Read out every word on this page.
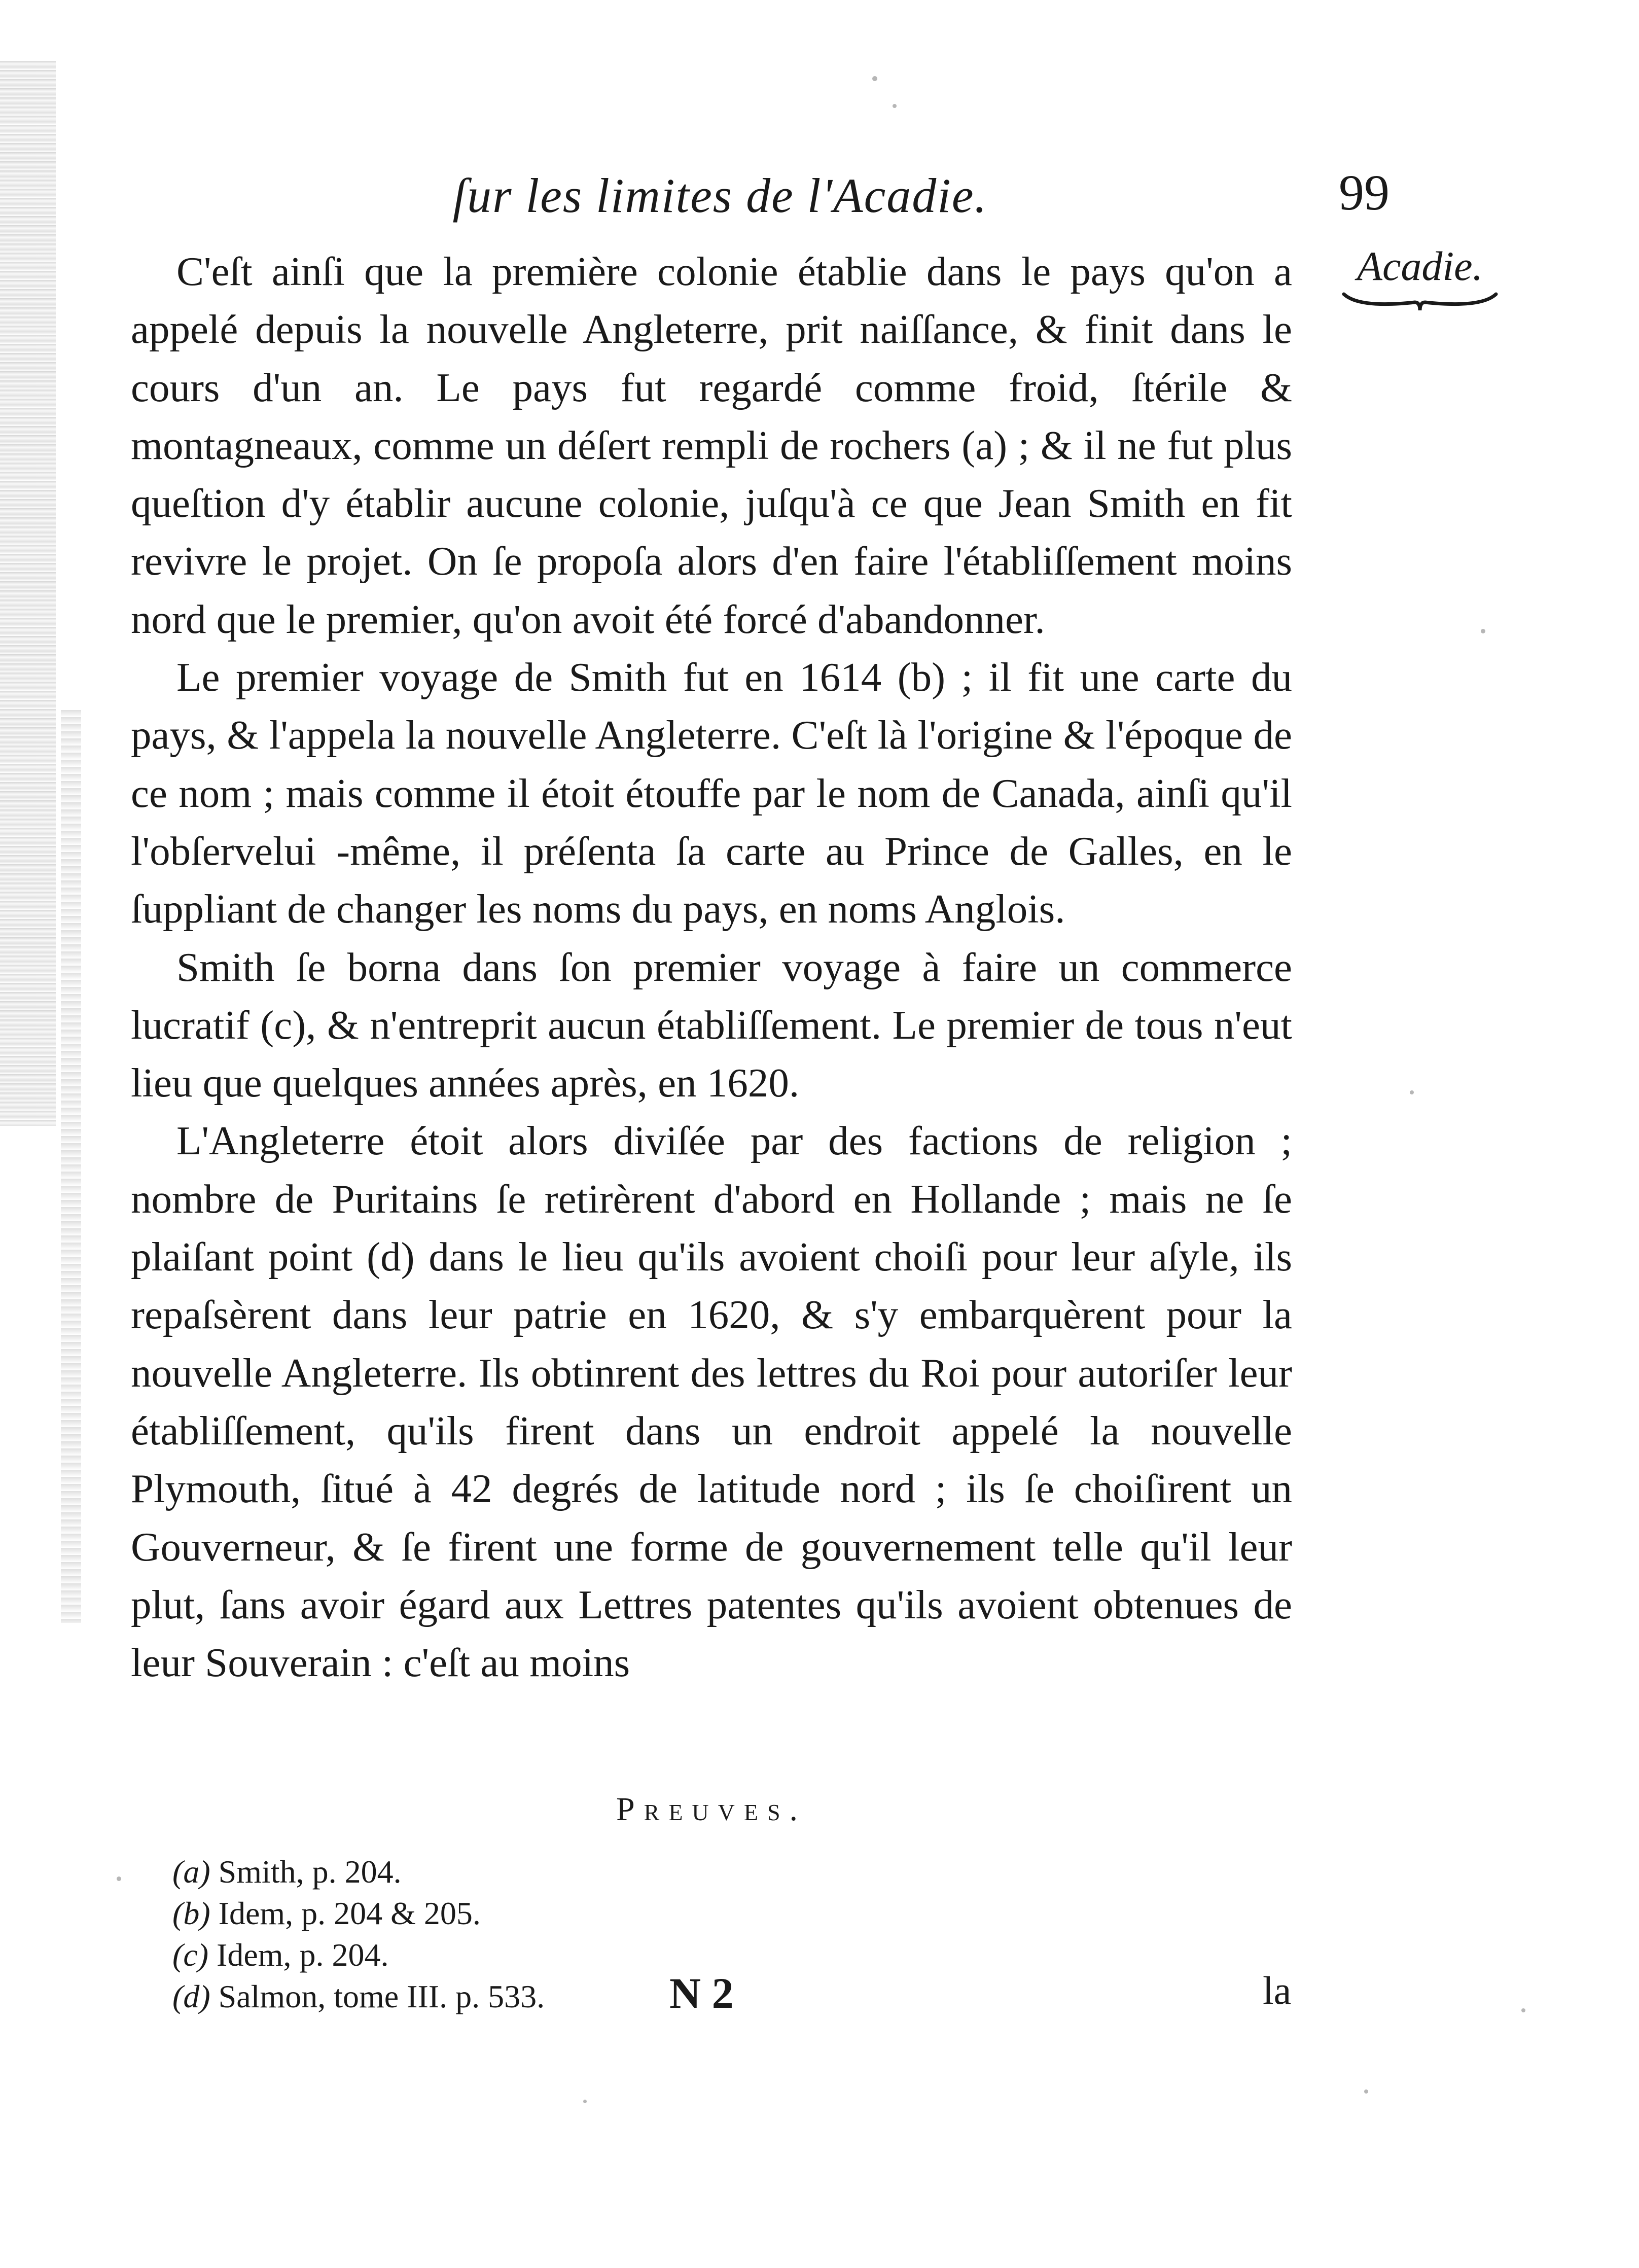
ſur les limites de l'Acadie.	99
Acadie.

C'eſt ainſi que la première colonie établie dans le pays qu'on a appelé depuis la nouvelle Angleterre, prit naiſſance, & finit dans le cours d'un an. Le pays fut regardé comme froid, ſtérile & montagneaux, comme un déſert rempli de rochers (a) ; & il ne fut plus queſtion d'y établir aucune colonie, juſqu'à ce que Jean Smith en fit revivre le projet. On ſe propoſa alors d'en faire l'établiſſement moins nord que le premier, qu'on avoit été forcé d'abandonner.

Le premier voyage de Smith fut en 1614 (b) ; il fit une carte du pays, & l'appela la nouvelle Angleterre. C'eſt là l'origine & l'époque de ce nom ; mais comme il étoit étouffe par le nom de Canada, ainſi qu'il l'obſervelui -même, il préſenta ſa carte au Prince de Galles, en le ſuppliant de changer les noms du pays, en noms Anglois.

Smith ſe borna dans ſon premier voyage à faire un commerce lucratif (c), & n'entreprit aucun établiſſement. Le premier de tous n'eut lieu que quelques années après, en 1620.

L'Angleterre étoit alors diviſée par des factions de religion ; nombre de Puritains ſe retirèrent d'abord en Hollande ; mais ne ſe plaiſant point (d) dans le lieu qu'ils avoient choiſi pour leur aſyle, ils repaſsèrent dans leur patrie en 1620, & s'y embarquèrent pour la nouvelle Angleterre. Ils obtinrent des lettres du Roi pour autoriſer leur établiſſement, qu'ils firent dans un endroit appelé la nouvelle Plymouth, ſitué à 42 degrés de latitude nord ; ils ſe choiſirent un Gouverneur, & ſe firent une forme de gouvernement telle qu'il leur plut, ſans avoir égard aux Lettres patentes qu'ils avoient obtenues de leur Souverain : c'eſt au moins

Preuves.
(a) Smith, p. 204.
(b) Idem, p. 204 & 205.
(c) Idem, p. 204.
(d) Salmon, tome III. p. 533.	N 2	la
